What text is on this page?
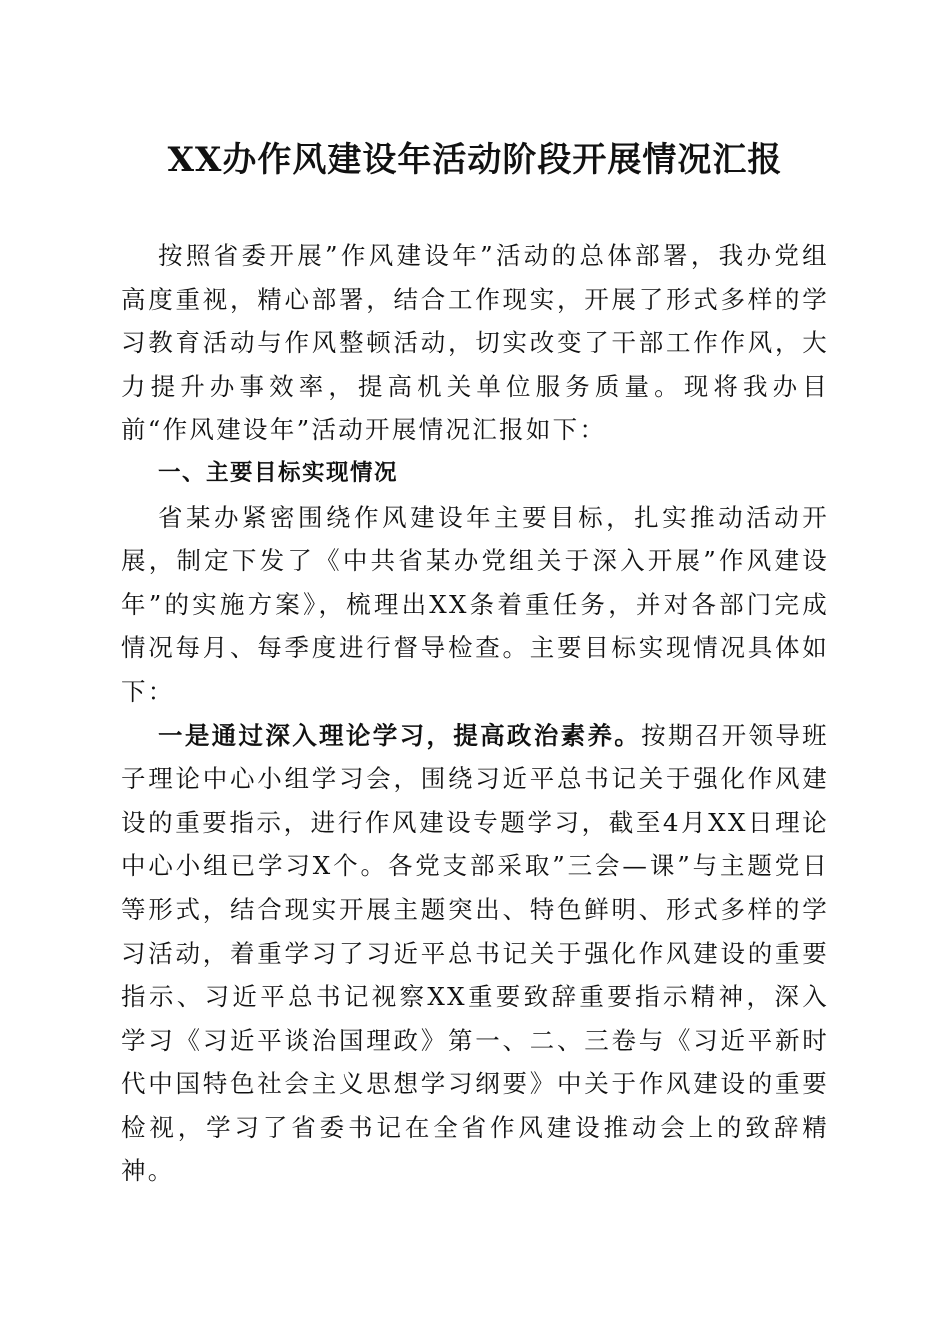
XX办作风建设年活动阶段开展情况汇报

按照省委开展”作风建设年”活动的总体部署，我办党组高度重视，精心部署，结合工作现实，开展了形式多样的学习教育活动与作风整顿活动，切实改变了干部工作作风，大力提升办事效率，提高机关单位服务质量。现将我办目前“作风建设年”活动开展情况汇报如下：

一、主要目标实现情况

省某办紧密围绕作风建设年主要目标，扎实推动活动开展，制定下发了《中共省某办党组关于深入开展”作风建设年”的实施方案》，梳理出XX条着重任务，并对各部门完成情况每月、每季度进行督导检查。主要目标实现情况具体如下：

一是通过深入理论学习，提高政治素养。按期召开领导班子理论中心小组学习会，围绕习近平总书记关于强化作风建设的重要指示，进行作风建设专题学习，截至4月XX日理论中心小组已学习X个。各党支部采取”三会—课”与主题党日等形式，结合现实开展主题突出、特色鲜明、形式多样的学习活动，着重学习了习近平总书记关于强化作风建设的重要指示、习近平总书记视察XX重要致辞重要指示精神，深入学习《习近平谈治国理政》第一、二、三卷与《习近平新时代中国特色社会主义思想学习纲要》中关于作风建设的重要检视，学习了省委书记在全省作风建设推动会上的致辞精神。
